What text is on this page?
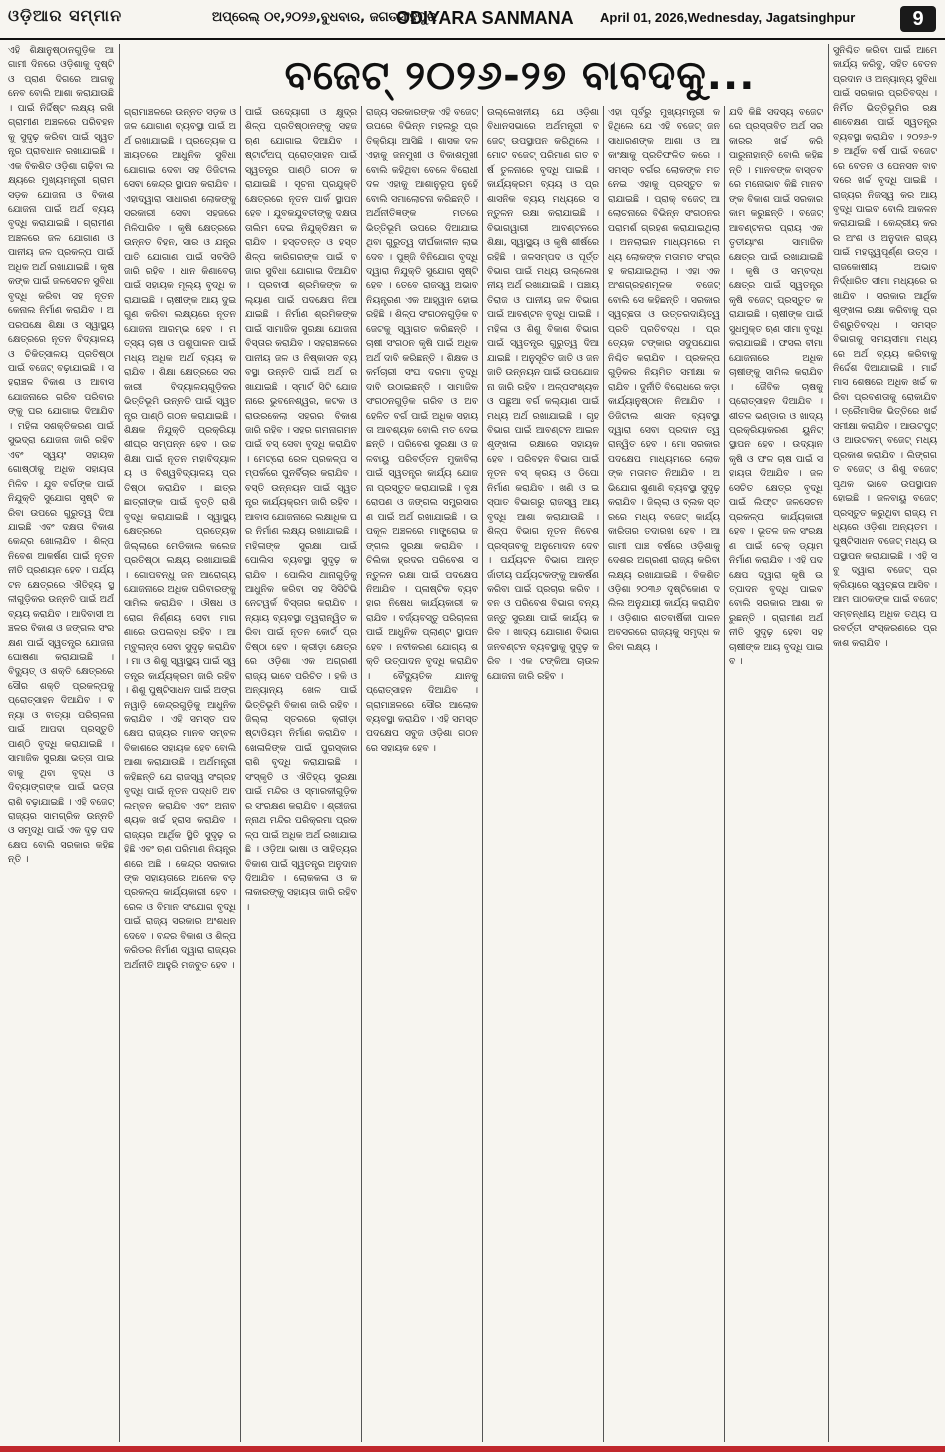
ଓଡ଼ିଆର ସମ୍ମାନ	ଅପ୍ରେଲ୍ ୦୧,୨୦୨୬,ବୁଧବାର, ଜଗତସିଂହପୁର
ODIYARA SANMANA April 01, 2026,Wednesday, Jagatsinghpur	9
ଏହି ଶିକ୍ଷାନୁଷ୍ଠାନଗୁଡ଼ିକ ଆଗାମୀ ଦିନରେ ଓଡ଼ିଶାକୁ ଦୃଷ୍ଟି ଓ ପ୍ରାଣ ଦିଗରେ ଆଗକୁ ନେବ ବୋଲି ଆଶା କରାଯାଉଛି । ପାଇଁ ନିର୍ଦ୍ଦିଷ୍ଟ ଲକ୍ଷ୍ୟ ରଖି ଗ୍ରାମୀଣ ଅଞ୍ଚଳରେ ପରିବହନକୁ ସୁଦୃଢ଼ କରିବା ପାଇଁ ସ୍ୱତନ୍ତ୍ର ପ୍ରାବଧାନ ରଖାଯାଇଛି । ଏକ ବିକଶିତ ଓଡ଼ିଶା ଗଢ଼ିବା ଲକ୍ଷ୍ୟରେ ମୁଖ୍ୟମନ୍ତ୍ରୀ ଗ୍ରାମ ସଡ଼କ ଯୋଜନା ଓ ବିକାଶ ଯୋଜନା ପାଇଁ ଅର୍ଥ ବ୍ୟୟ ବୃଦ୍ଧି କରାଯାଇଛି । ଗ୍ରାମୀଣ ଅଞ୍ଚଳରେ ଜଳ ଯୋଗାଣ ଓ ପାନୀୟ ଜଳ ପ୍ରକଳ୍ପ ପାଇଁ ଅଧିକ ଅର୍ଥ ରଖାଯାଇଛି । କୃଷକଙ୍କ ପାଇଁ ଜଳସେଚନ ସୁବିଧା ବୃଦ୍ଧି କରିବା ସହ ନୂତନ କେନାଲ ନିର୍ମାଣ କରାଯିବ । ଅପରପକ୍ଷେ ଶିକ୍ଷା ଓ ସ୍ୱାସ୍ଥ୍ୟ କ୍ଷେତ୍ରରେ ନୂତନ ବିଦ୍ୟାଳୟ ଓ ଚିକିତ୍ସାଳୟ ପ୍ରତିଷ୍ଠା ପାଇଁ ବଜେଟ୍ ବଢ଼ାଯାଇଛି । ସହରାଞ୍ଚଳ ବିକାଶ ଓ ଆବାସ ଯୋଜନାରେ ଗରିବ ପରିବାରଙ୍କୁ ଘର ଯୋଗାଇ ଦିଆଯିବ । ମହିଳା ସଶକ୍ତିକରଣ ପାଇଁ ସୁଭଦ୍ରା ଯୋଜନା ଜାରି ରହିବ ଏବଂ ସ୍ୱୟଂ ସହାୟକ ଗୋଷ୍ଠୀକୁ ଅଧିକ ସହାୟତା ମିଳିବ । ଯୁବ ବର୍ଗଙ୍କ ପାଇଁ ନିଯୁକ୍ତି ସୁଯୋଗ ସୃଷ୍ଟି କରିବା ଉପରେ ଗୁରୁତ୍ୱ ଦିଆଯାଇଛି ଏବଂ ଦକ୍ଷତା ବିକାଶ କେନ୍ଦ୍ର ଖୋଲାଯିବ । ଶିଳ୍ପ ନିବେଶ ଆକର୍ଷଣ ପାଇଁ ନୂତନ ନୀତି ପ୍ରଣୟନ ହେବ । ପର୍ଯ୍ୟଟନ କ୍ଷେତ୍ରରେ ଐତିହ୍ୟ ସ୍ଥଳୀଗୁଡ଼ିକର ଉନ୍ନତି ପାଇଁ ଅର୍ଥ ବ୍ୟୟ କରାଯିବ । ଆଦିବାସୀ ଅଞ୍ଚଳର ବିକାଶ ଓ ଜଙ୍ଗଲ ସଂରକ୍ଷଣ ପାଇଁ ସ୍ୱତନ୍ତ୍ର ଯୋଜନା ଘୋଷଣା କରାଯାଇଛି । ବିଦ୍ୟୁତ୍ ଓ ଶକ୍ତି କ୍ଷେତ୍ରରେ ସୌର ଶକ୍ତି ପ୍ରକଳ୍ପକୁ ପ୍ରୋତ୍ସାହନ ଦିଆଯିବ । ବନ୍ୟା ଓ ବାତ୍ୟା ପରିଚାଳନା ପାଇଁ ଆପଦା ପ୍ରସ୍ତୁତି ପାଣ୍ଠି ବୃଦ୍ଧି କରାଯାଇଛି । ସାମାଜିକ ସୁରକ୍ଷା ଭତ୍ତା ପାଇବାକୁ ଥିବା ବୃଦ୍ଧ ଓ ଦିବ୍ୟାଙ୍ଗଙ୍କ ପାଇଁ ଭତ୍ତା ରାଶି ବଢ଼ାଯାଇଛି । ଏହି ବଜେଟ୍ ରାଜ୍ୟର ସାମଗ୍ରିକ ଉନ୍ନତି ଓ ସମୃଦ୍ଧି ପାଇଁ ଏକ ଦୃଢ଼ ପଦକ୍ଷେପ ବୋଲି ସରକାର କହିଛନ୍ତି ।
ବଜେଟ୍ ୨୦୨୬-୨୭ ବାବଦକୁ...
ଗ୍ରାମାଞ୍ଚଳରେ ଉନ୍ନତ ସଡ଼କ ଓ ଜଳ ଯୋଗାଣ ବ୍ୟବସ୍ଥା ପାଇଁ ଅର୍ଥ ରଖାଯାଇଛି । ପ୍ରତ୍ୟେକ ପଞ୍ଚାୟତରେ ଆଧୁନିକ ସୁବିଧା ଯୋଗାଇ ଦେବା ସହ ଡିଜିଟାଲ ସେବା କେନ୍ଦ୍ର ସ୍ଥାପନ କରାଯିବ । ଏହାଦ୍ୱାରା ସାଧାରଣ ଲୋକଙ୍କୁ ସରକାରୀ ସେବା ସହଜରେ ମିଳିପାରିବ । କୃଷି କ୍ଷେତ୍ରରେ ଉନ୍ନତ ବିହନ, ସାର ଓ ଯନ୍ତ୍ରପାତି ଯୋଗାଣ ପାଇଁ ସବସିଡି ଜାରି ରହିବ । ଧାନ କିଣାବେଚା ପାଇଁ ସହାୟକ ମୂଲ୍ୟ ବୃଦ୍ଧି କରାଯାଇଛି । ଚାଷୀଙ୍କ ଆୟ ଦୁଇଗୁଣ କରିବା ଲକ୍ଷ୍ୟରେ ନୂତନ ଯୋଜନା ଆରମ୍ଭ ହେବ । ମତ୍ସ୍ୟ ଚାଷ ଓ ପଶୁପାଳନ ପାଇଁ ମଧ୍ୟ ଅଧିକ ଅର୍ଥ ବ୍ୟୟ କରାଯିବ । ଶିକ୍ଷା କ୍ଷେତ୍ରରେ ସରକାରୀ ବିଦ୍ୟାଳୟଗୁଡ଼ିକର ଭିତ୍ତିଭୂମି ଉନ୍ନତି ପାଇଁ ସ୍ୱତନ୍ତ୍ର ପାଣ୍ଠି ଗଠନ କରାଯାଇଛି । ଶିକ୍ଷକ ନିଯୁକ୍ତି ପ୍ରକ୍ରିୟା ଶୀଘ୍ର ସମ୍ପନ୍ନ ହେବ । ଉଚ୍ଚ ଶିକ୍ଷା ପାଇଁ ନୂତନ ମହାବିଦ୍ୟାଳୟ ଓ ବିଶ୍ୱବିଦ୍ୟାଳୟ ପ୍ରତିଷ୍ଠା କରାଯିବ । ଛାତ୍ରଛାତ୍ରୀଙ୍କ ପାଇଁ ବୃତ୍ତି ରାଶି ବୃଦ୍ଧି କରାଯାଇଛି । ସ୍ୱାସ୍ଥ୍ୟ କ୍ଷେତ୍ରରେ ପ୍ରତ୍ୟେକ ଜିଲ୍ଲାରେ ମେଡିକାଲ କଲେଜ ପ୍ରତିଷ୍ଠା ଲକ୍ଷ୍ୟ ରଖାଯାଇଛି । ଗୋପବନ୍ଧୁ ଜନ ଆରୋଗ୍ୟ ଯୋଜନାରେ ଅଧିକ ପରିବାରଙ୍କୁ ସାମିଲ କରାଯିବ । ଔଷଧ ଓ ରୋଗ ନିର୍ଣ୍ଣୟ ସେବା ମାଗଣାରେ ଉପଲବ୍ଧ ରହିବ । ଆମ୍ବୁଲାନ୍ସ ସେବା ସୁଦୃଢ଼ କରାଯିବ । ମା ଓ ଶିଶୁ ସ୍ୱାସ୍ଥ୍ୟ ପାଇଁ ସ୍ୱତନ୍ତ୍ର କାର୍ଯ୍ୟକ୍ରମ ଜାରି ରହିବ । ଶିଶୁ ପୁଷ୍ଟିସାଧନ ପାଇଁ ଅଙ୍ଗନୱାଡ଼ି କେନ୍ଦ୍ରଗୁଡ଼ିକୁ ଆଧୁନିକ କରାଯିବ । ଏହି ସମସ୍ତ ପଦକ୍ଷେପ ରାଜ୍ୟର ମାନବ ସମ୍ବଳ ବିକାଶରେ ସହାୟକ ହେବ ବୋଲି ଆଶା କରାଯାଉଛି । ଅର୍ଥମନ୍ତ୍ରୀ କହିଛନ୍ତି ଯେ ରାଜସ୍ୱ ସଂଗ୍ରହ ବୃଦ୍ଧି ପାଇଁ ନୂତନ ପଦ୍ଧତି ଅବଲମ୍ବନ କରାଯିବ ଏବଂ ଅନାବଶ୍ୟକ ଖର୍ଚ୍ଚ ହ୍ରାସ କରାଯିବ । ରାଜ୍ୟର ଆର୍ଥିକ ସ୍ଥିତି ସୁଦୃଢ଼ ରହିଛି ଏବଂ ଋଣ ପରିମାଣ ନିୟନ୍ତ୍ରଣରେ ଅଛି । କେନ୍ଦ୍ର ସରକାରଙ୍କ ସହାୟତାରେ ଅନେକ ବଡ଼ ପ୍ରକଳ୍ପ କାର୍ଯ୍ୟକାରୀ ହେବ । ରେଳ ଓ ବିମାନ ସଂଯୋଗ ବୃଦ୍ଧି ପାଇଁ ରାଜ୍ୟ ସରକାର ଅଂଶଧନ ଦେବେ । ବନ୍ଦର ବିକାଶ ଓ ଶିଳ୍ପ କରିଡର ନିର୍ମାଣ ଦ୍ୱାରା ରାଜ୍ୟର ଅର୍ଥନୀତି ଆହୁରି ମଜବୁତ ହେବ ।
ପାଇଁ ଉଦ୍ୟୋଗୀ ଓ କ୍ଷୁଦ୍ର ଶିଳ୍ପ ପ୍ରତିଷ୍ଠାନଙ୍କୁ ସହଜ ଋଣ ଯୋଗାଇ ଦିଆଯିବ । ଷ୍ଟାର୍ଟଅପ୍ ପ୍ରୋତ୍ସାହନ ପାଇଁ ସ୍ୱତନ୍ତ୍ର ପାଣ୍ଠି ଗଠନ କରାଯାଇଛି । ସୂଚନା ପ୍ରଯୁକ୍ତି କ୍ଷେତ୍ରରେ ନୂତନ ପାର୍କ ସ୍ଥାପନ ହେବ । ଯୁବକଯୁବତୀଙ୍କୁ ଦକ୍ଷତା ତାଲିମ ଦେଇ ନିଯୁକ୍ତିକ୍ଷମ କରାଯିବ । ହସ୍ତତନ୍ତ ଓ ହସ୍ତଶିଳ୍ପ କାରିଗରଙ୍କ ପାଇଁ ବଜାର ସୁବିଧା ଯୋଗାଇ ଦିଆଯିବ । ପ୍ରବାସୀ ଶ୍ରମିକଙ୍କ କଲ୍ୟାଣ ପାଇଁ ପଦକ୍ଷେପ ନିଆଯାଇଛି । ନିର୍ମାଣ ଶ୍ରମିକଙ୍କ ପାଇଁ ସାମାଜିକ ସୁରକ୍ଷା ଯୋଜନା ବିସ୍ତାର କରାଯିବ । ସହରାଞ୍ଚଳରେ ପାନୀୟ ଜଳ ଓ ନିଷ୍କାସନ ବ୍ୟବସ୍ଥା ଉନ୍ନତି ପାଇଁ ଅର୍ଥ ରଖାଯାଇଛି । ସ୍ମାର୍ଟ ସିଟି ଯୋଜନାରେ ଭୁବନେଶ୍ୱର, କଟକ ଓ ରାଉରକେଲା ସହରର ବିକାଶ ଜାରି ରହିବ । ସହର ଗମନାଗମନ ପାଇଁ ବସ୍ ସେବା ବୃଦ୍ଧି କରାଯିବ । ମେଟ୍ରୋ ରେଳ ପ୍ରକଳ୍ପ ସମ୍ପର୍କରେ ପୁନର୍ବିଚାର କରାଯିବ । ବସ୍ତି ଉନ୍ନୟନ ପାଇଁ ସ୍ୱତନ୍ତ୍ର କାର୍ଯ୍ୟକ୍ରମ ଜାରି ରହିବ । ଆବାସ ଯୋଜନାରେ ଲକ୍ଷାଧିକ ଘର ନିର୍ମାଣ ଲକ୍ଷ୍ୟ ରଖାଯାଇଛି । ମହିଳାଙ୍କ ସୁରକ୍ଷା ପାଇଁ ପୋଲିସ ବ୍ୟବସ୍ଥା ସୁଦୃଢ଼ କରାଯିବ । ପୋଲିସ ଥାନାଗୁଡ଼ିକୁ ଆଧୁନିକ କରିବା ସହ ସିସିଟିଭି ନେଟୱର୍କ ବିସ୍ତାର କରାଯିବ । ନ୍ୟାୟ ବ୍ୟବସ୍ଥା ତ୍ୱରାନ୍ୱିତ କରିବା ପାଇଁ ନୂତନ କୋର୍ଟ ପ୍ରତିଷ୍ଠା ହେବ । କ୍ରୀଡ଼ା କ୍ଷେତ୍ରରେ ଓଡ଼ିଶା ଏକ ଅଗ୍ରଣୀ ରାଜ୍ୟ ଭାବେ ପରିଚିତ । ହକି ଓ ଅନ୍ୟାନ୍ୟ ଖେଳ ପାଇଁ ଭିତ୍ତିଭୂମି ବିକାଶ ଜାରି ରହିବ । ଜିଲ୍ଲା ସ୍ତରରେ କ୍ରୀଡ଼ା ଷ୍ଟାଡିୟମ ନିର୍ମାଣ କରାଯିବ । ଖେଳାଳିଙ୍କ ପାଇଁ ପୁରସ୍କାର ରାଶି ବୃଦ୍ଧି କରାଯାଇଛି । ସଂସ୍କୃତି ଓ ଐତିହ୍ୟ ସୁରକ୍ଷା ପାଇଁ ମନ୍ଦିର ଓ ସ୍ମାରକୀଗୁଡ଼ିକର ସଂରକ୍ଷଣ କରାଯିବ । ଶ୍ରୀଜଗନ୍ନାଥ ମନ୍ଦିର ପରିକ୍ରମା ପ୍ରକଳ୍ପ ପାଇଁ ଅଧିକ ଅର୍ଥ ରଖାଯାଇଛି । ଓଡ଼ିଆ ଭାଷା ଓ ସାହିତ୍ୟର ବିକାଶ ପାଇଁ ସ୍ୱତନ୍ତ୍ର ଅନୁଦାନ ଦିଆଯିବ । ଲୋକକଳା ଓ କଳାକାରଙ୍କୁ ସହାୟତା ଜାରି ରହିବ ।
ରାଜ୍ୟ ସରକାରଙ୍କ ଏହି ବଜେଟ୍ ଉପରେ ବିଭିନ୍ନ ମହଲରୁ ପ୍ରତିକ୍ରିୟା ଆସିଛି । ଶାସକ ଦଳ ଏହାକୁ ଜନମୁଖୀ ଓ ବିକାଶମୁଖୀ ବୋଲି କହିଥିବା ବେଳେ ବିରୋଧୀ ଦଳ ଏହାକୁ ଆଶାନୁରୂପ ନୁହେଁ ବୋଲି ସମାଲୋଚନା କରିଛନ୍ତି । ଅର୍ଥନୀତିଜ୍ଞଙ୍କ ମତରେ ଭିତ୍ତିଭୂମି ଉପରେ ଦିଆଯାଇଥିବା ଗୁରୁତ୍ୱ ଦୀର୍ଘକାଳୀନ ଲାଭ ଦେବ । ପୁଞ୍ଜି ବିନିଯୋଗ ବୃଦ୍ଧି ଦ୍ୱାରା ନିଯୁକ୍ତି ସୁଯୋଗ ସୃଷ୍ଟି ହେବ । ତେବେ ରାଜସ୍ୱ ଅଭାବ ନିୟନ୍ତ୍ରଣ ଏକ ଆହ୍ୱାନ ହୋଇ ରହିଛି । ଶିଳ୍ପ ସଂଗଠନଗୁଡ଼ିକ ବଜେଟକୁ ସ୍ୱାଗତ କରିଛନ୍ତି । ଚାଷୀ ସଂଗଠନ କୃଷି ପାଇଁ ଅଧିକ ଅର୍ଥ ଦାବି କରିଛନ୍ତି । ଶିକ୍ଷକ ଓ କର୍ମଚାରୀ ସଂଘ ଦରମା ବୃଦ୍ଧି ଦାବି ଉଠାଇଛନ୍ତି । ସାମାଜିକ ସଂଗଠନଗୁଡ଼ିକ ଗରିବ ଓ ଅବହେଳିତ ବର୍ଗ ପାଇଁ ଅଧିକ ସହାୟତା ଆବଶ୍ୟକ ବୋଲି ମତ ଦେଇଛନ୍ତି । ପରିବେଶ ସୁରକ୍ଷା ଓ ଜଳବାୟୁ ପରିବର୍ତ୍ତନ ମୁକାବିଲା ପାଇଁ ସ୍ୱତନ୍ତ୍ର କାର୍ଯ୍ୟ ଯୋଜନା ପ୍ରସ୍ତୁତ କରାଯାଇଛି । ବୃକ୍ଷରୋପଣ ଓ ଜଙ୍ଗଲ ସମ୍ପ୍ରସାରଣ ପାଇଁ ଅର୍ଥ ରଖାଯାଇଛି । ଉପକୂଳ ଅଞ୍ଚଳରେ ମାଙ୍ଗ୍ରୋଭ ଜଙ୍ଗଲ ସୁରକ୍ଷା କରାଯିବ । ଚିଲିକା ହ୍ରଦର ପରିବେଶ ସନ୍ତୁଳନ ରକ୍ଷା ପାଇଁ ପଦକ୍ଷେପ ନିଆଯିବ । ପ୍ଳାଷ୍ଟିକ ବ୍ୟବହାର ନିଷେଧ କାର୍ଯ୍ୟକାରୀ କରାଯିବ । ବର୍ଜ୍ୟବସ୍ତୁ ପରିଚାଳନା ପାଇଁ ଆଧୁନିକ ପ୍ଲାଣ୍ଟ ସ୍ଥାପନ ହେବ । ନବୀକରଣ ଯୋଗ୍ୟ ଶକ୍ତି ଉତ୍ପାଦନ ବୃଦ୍ଧି କରାଯିବ । ବୈଦ୍ୟୁତିକ ଯାନକୁ ପ୍ରୋତ୍ସାହନ ଦିଆଯିବ । ଗ୍ରାମାଞ୍ଚଳରେ ସୌର ଆଲୋକ ବ୍ୟବସ୍ଥା କରାଯିବ । ଏହି ସମସ୍ତ ପଦକ୍ଷେପ ସବୁଜ ଓଡ଼ିଶା ଗଠନରେ ସହାୟକ ହେବ ।
ଉଲ୍ଲେଖନୀୟ ଯେ ଓଡ଼ିଶା ବିଧାନସଭାରେ ଅର୍ଥମନ୍ତ୍ରୀ ବଜେଟ୍ ଉପସ୍ଥାପନ କରିଥିଲେ । ମୋଟ ବଜେଟ୍ ପରିମାଣ ଗତ ବର୍ଷ ତୁଳନାରେ ବୃଦ୍ଧି ପାଇଛି । କାର୍ଯ୍ୟକ୍ରମ ବ୍ୟୟ ଓ ପ୍ରଶାସନିକ ବ୍ୟୟ ମଧ୍ୟରେ ସନ୍ତୁଳନ ରକ୍ଷା କରାଯାଇଛି । ବିଭାଗୱାରୀ ଆବଣ୍ଟନରେ ଶିକ୍ଷା, ସ୍ୱାସ୍ଥ୍ୟ ଓ କୃଷି ଶୀର୍ଷରେ ରହିଛି । ଜଳସମ୍ପଦ ଓ ପୂର୍ତ୍ତ ବିଭାଗ ପାଇଁ ମଧ୍ୟ ଉଲ୍ଲେଖନୀୟ ଅର୍ଥ ରଖାଯାଇଛି । ପଞ୍ଚାୟତିରାଜ ଓ ପାନୀୟ ଜଳ ବିଭାଗ ପାଇଁ ଆବଣ୍ଟନ ବୃଦ୍ଧି ପାଇଛି । ମହିଳା ଓ ଶିଶୁ ବିକାଶ ବିଭାଗ ପାଇଁ ସ୍ୱତନ୍ତ୍ର ଗୁରୁତ୍ୱ ଦିଆଯାଇଛି । ଅନୁସୂଚିତ ଜାତି ଓ ଜନଜାତି ଉନ୍ନୟନ ପାଇଁ ଉପଯୋଜନା ଜାରି ରହିବ । ଅଳ୍ପସଂଖ୍ୟକ ଓ ପଛୁଆ ବର୍ଗ କଲ୍ୟାଣ ପାଇଁ ମଧ୍ୟ ଅର୍ଥ ରଖାଯାଇଛି । ଗୃହ ବିଭାଗ ପାଇଁ ଆବଣ୍ଟନ ଆଇନଶୃଙ୍ଖଳା ରକ୍ଷାରେ ସହାୟକ ହେବ । ପରିବହନ ବିଭାଗ ପାଇଁ ନୂତନ ବସ୍ କ୍ରୟ ଓ ଡିପୋ ନିର୍ମାଣ କରାଯିବ । ଖଣି ଓ ଇସ୍ପାତ ବିଭାଗରୁ ରାଜସ୍ୱ ଆୟ ବୃଦ୍ଧି ଆଶା କରାଯାଉଛି । ଶିଳ୍ପ ବିଭାଗ ନୂତନ ନିବେଶ ପ୍ରସ୍ତାବକୁ ଅନୁମୋଦନ ଦେବ । ପର୍ଯ୍ୟଟନ ବିଭାଗ ଆନ୍ତର୍ଜାତୀୟ ପର୍ଯ୍ୟଟକଙ୍କୁ ଆକର୍ଷଣ କରିବା ପାଇଁ ପ୍ରଚାର କରିବ । ବନ ଓ ପରିବେଶ ବିଭାଗ ବନ୍ୟଜନ୍ତୁ ସୁରକ୍ଷା ପାଇଁ କାର୍ଯ୍ୟ କରିବ । ଖାଦ୍ୟ ଯୋଗାଣ ବିଭାଗ ଜନବଣ୍ଟନ ବ୍ୟବସ୍ଥାକୁ ସୁଦୃଢ଼ କରିବ । ଏକ ଟଙ୍କିଆ ଚାଉଳ ଯୋଜନା ଜାରି ରହିବ ।
ଏହା ପୂର୍ବରୁ ମୁଖ୍ୟମନ୍ତ୍ରୀ କହିଥିଲେ ଯେ ଏହି ବଜେଟ୍ ଜନସାଧାରଣଙ୍କ ଆଶା ଓ ଆକାଂକ୍ଷାକୁ ପ୍ରତିଫଳିତ କରେ । ସମସ୍ତ ବର୍ଗର ଲୋକଙ୍କ ମତ ନେଇ ଏହାକୁ ପ୍ରସ୍ତୁତ କରାଯାଇଛି । ପ୍ରାକ୍ ବଜେଟ୍ ଆଲୋଚନାରେ ବିଭିନ୍ନ ସଂଗଠନର ପରାମର୍ଶ ଗ୍ରହଣ କରାଯାଇଥିଲା । ଅନଲାଇନ ମାଧ୍ୟମରେ ମଧ୍ୟ ଲୋକଙ୍କ ମତାମତ ସଂଗ୍ରହ କରାଯାଇଥିଲା । ଏହା ଏକ ଅଂଶଗ୍ରହଣମୂଳକ ବଜେଟ୍ ବୋଲି ସେ କହିଛନ୍ତି । ସରକାର ସ୍ୱଚ୍ଛତା ଓ ଉତ୍ତରଦାୟିତ୍ୱ ପ୍ରତି ପ୍ରତିବଦ୍ଧ । ପ୍ରତ୍ୟେକ ଟଙ୍କାର ସଦୁପଯୋଗ ନିଶ୍ଚିତ କରାଯିବ । ପ୍ରକଳ୍ପଗୁଡ଼ିକର ନିୟମିତ ସମୀକ୍ଷା କରାଯିବ । ଦୁର୍ନୀତି ବିରୋଧରେ କଡ଼ା କାର୍ଯ୍ୟାନୁଷ୍ଠାନ ନିଆଯିବ । ଡିଜିଟାଲ ଶାସନ ବ୍ୟବସ୍ଥା ଦ୍ୱାରା ସେବା ପ୍ରଦାନ ତ୍ୱରାନ୍ୱିତ ହେବ । ମୋ ସରକାର ପଦକ୍ଷେପ ମାଧ୍ୟମରେ ଲୋକଙ୍କ ମତାମତ ନିଆଯିବ । ଅଭିଯୋଗ ଶୁଣାଣି ବ୍ୟବସ୍ଥା ସୁଦୃଢ଼ କରାଯିବ । ଜିଲ୍ଲା ଓ ବ୍ଲକ ସ୍ତରରେ ମଧ୍ୟ ବଜେଟ୍ କାର୍ଯ୍ୟକାରିତାର ତଦାରଖ ହେବ । ଆଗାମୀ ପାଞ୍ଚ ବର୍ଷରେ ଓଡ଼ିଶାକୁ ଦେଶର ଅଗ୍ରଣୀ ରାଜ୍ୟ କରିବା ଲକ୍ଷ୍ୟ ରଖାଯାଇଛି । ବିକଶିତ ଓଡ଼ିଶା ୨୦୩୬ ଦୃଷ୍ଟିକୋଣ ଦଲିଲ ଅନୁଯାୟୀ କାର୍ଯ୍ୟ କରାଯିବ । ଓଡ଼ିଶାର ଶତବାର୍ଷିକୀ ପାଳନ ଅବସରରେ ରାଜ୍ୟକୁ ସମୃଦ୍ଧ କରିବା ଲକ୍ଷ୍ୟ ।
ଯଦି କିଛି ସଦସ୍ୟ ବଜେଟରେ ପ୍ରସ୍ତାବିତ ଅର୍ଥ ସରକାରର ଖର୍ଚ୍ଚ କରି ପାରୁନାହାନ୍ତି ବୋଲି କହିଛନ୍ତି । ମାନବଙ୍କ ବାସ୍ତବରେ ମନୋଭାବ କିଛି ମାନବଙ୍କ ବିକାଶ ପାଇଁ ସରକାର କାମ କରୁଛନ୍ତି । ବଜେଟ୍ ଆବଣ୍ଟନର ପ୍ରାୟ ଏକ ତୃତୀୟାଂଶ ସାମାଜିକ କ୍ଷେତ୍ର ପାଇଁ ରଖାଯାଇଛି । କୃଷି ଓ ସମ୍ବଦ୍ଧ କ୍ଷେତ୍ର ପାଇଁ ସ୍ୱତନ୍ତ୍ର କୃଷି ବଜେଟ୍ ପ୍ରସ୍ତୁତ କରାଯାଇଛି । ଚାଷୀଙ୍କ ପାଇଁ ସୁଧମୁକ୍ତ ଋଣ ସୀମା ବୃଦ୍ଧି କରାଯାଇଛି । ଫସଲ ବୀମା ଯୋଜନାରେ ଅଧିକ ଚାଷୀଙ୍କୁ ସାମିଲ କରାଯିବ । ଜୈବିକ ଚାଷକୁ ପ୍ରୋତ୍ସାହନ ଦିଆଯିବ । ଶୀତଳ ଭଣ୍ଡାର ଓ ଖାଦ୍ୟ ପ୍ରକ୍ରିୟାକରଣ ୟୁନିଟ୍ ସ୍ଥାପନ ହେବ । ଉଦ୍ୟାନ କୃଷି ଓ ଫଳ ଚାଷ ପାଇଁ ସହାୟତା ଦିଆଯିବ । ଜଳସେଚିତ କ୍ଷେତ୍ର ବୃଦ୍ଧି ପାଇଁ ଲିଫ୍ଟ ଜଳସେଚନ ପ୍ରକଳ୍ପ କାର୍ଯ୍ୟକାରୀ ହେବ । ଭୂତଳ ଜଳ ସଂରକ୍ଷଣ ପାଇଁ ଚେକ୍ ଡ୍ୟାମ ନିର୍ମାଣ କରାଯିବ । ଏହି ପଦକ୍ଷେପ ଦ୍ୱାରା କୃଷି ଉତ୍ପାଦନ ବୃଦ୍ଧି ପାଇବ ବୋଲି ସରକାର ଆଶା କରୁଛନ୍ତି । ଗ୍ରାମୀଣ ଅର୍ଥନୀତି ସୁଦୃଢ଼ ହେବା ସହ ଚାଷୀଙ୍କ ଆୟ ବୃଦ୍ଧି ପାଇବ ।
ସୁନିଶ୍ଚିତ କରିବା ପାଇଁ ଆମେ କାର୍ଯ୍ୟ କରିବୁ, ସହିତ ବେତନ ପ୍ରଦାନ ଓ ଅନ୍ୟାନ୍ୟ ସୁବିଧା ପାଇଁ ସରକାର ପ୍ରତିବଦ୍ଧ । ନିର୍ମିତ ଭିତ୍ତିଭୂମିର ରକ୍ଷଣାବେକ୍ଷଣ ପାଇଁ ସ୍ୱତନ୍ତ୍ର ବ୍ୟବସ୍ଥା କରାଯିବ । ୨୦୨୬-୨୭ ଆର୍ଥିକ ବର୍ଷ ପାଇଁ ବଜେଟରେ ବେତନ ଓ ପେନସନ ବାବଦରେ ଖର୍ଚ୍ଚ ବୃଦ୍ଧି ପାଇଛି । ରାଜ୍ୟର ନିଜସ୍ୱ କର ଆୟ ବୃଦ୍ଧି ପାଇବ ବୋଲି ଆକଳନ କରାଯାଇଛି । କେନ୍ଦ୍ରୀୟ କରର ଅଂଶ ଓ ଅନୁଦାନ ରାଜ୍ୟ ପାଇଁ ମହତ୍ତ୍ୱପୂର୍ଣ୍ଣ ଉତ୍ସ । ରାଜକୋଷୀୟ ଅଭାବ ନିର୍ଦ୍ଧାରିତ ସୀମା ମଧ୍ୟରେ ରଖାଯିବ । ସରକାର ଆର୍ଥିକ ଶୃଙ୍ଖଳା ରକ୍ଷା କରିବାକୁ ପ୍ରତିଶ୍ରୁତିବଦ୍ଧ । ସମସ୍ତ ବିଭାଗକୁ ସମୟସୀମା ମଧ୍ୟରେ ଅର୍ଥ ବ୍ୟୟ କରିବାକୁ ନିର୍ଦ୍ଦେଶ ଦିଆଯାଇଛି । ମାର୍ଚ୍ଚ ମାସ ଶେଷରେ ଅଧିକ ଖର୍ଚ୍ଚ କରିବା ପ୍ରବଣତାକୁ ରୋକାଯିବ । ତ୍ରୈମାସିକ ଭିତ୍ତିରେ ଖର୍ଚ୍ଚ ସମୀକ୍ଷା କରାଯିବ । ଆଉଟପୁଟ୍ ଓ ଆଉଟକମ୍ ବଜେଟ୍ ମଧ୍ୟ ପ୍ରକାଶ କରାଯିବ । ଲିଙ୍ଗଗତ ବଜେଟ୍ ଓ ଶିଶୁ ବଜେଟ୍ ପୃଥକ ଭାବେ ଉପସ୍ଥାପନ ହୋଇଛି । ଜଳବାୟୁ ବଜେଟ୍ ପ୍ରସ୍ତୁତ କରୁଥିବା ରାଜ୍ୟ ମଧ୍ୟରେ ଓଡ଼ିଶା ଅନ୍ୟତମ । ପୁଷ୍ଟିସାଧନ ବଜେଟ୍ ମଧ୍ୟ ଉପସ୍ଥାପନ କରାଯାଇଛି । ଏହି ସବୁ ଦ୍ୱାରା ବଜେଟ୍ ପ୍ରକ୍ରିୟାରେ ସ୍ୱଚ୍ଛତା ଆସିବ । ଆମ ପାଠକଙ୍କ ପାଇଁ ବଜେଟ୍ ସମ୍ବନ୍ଧୀୟ ଅଧିକ ତଥ୍ୟ ପରବର୍ତ୍ତୀ ସଂସ୍କରଣରେ ପ୍ରକାଶ କରାଯିବ ।
